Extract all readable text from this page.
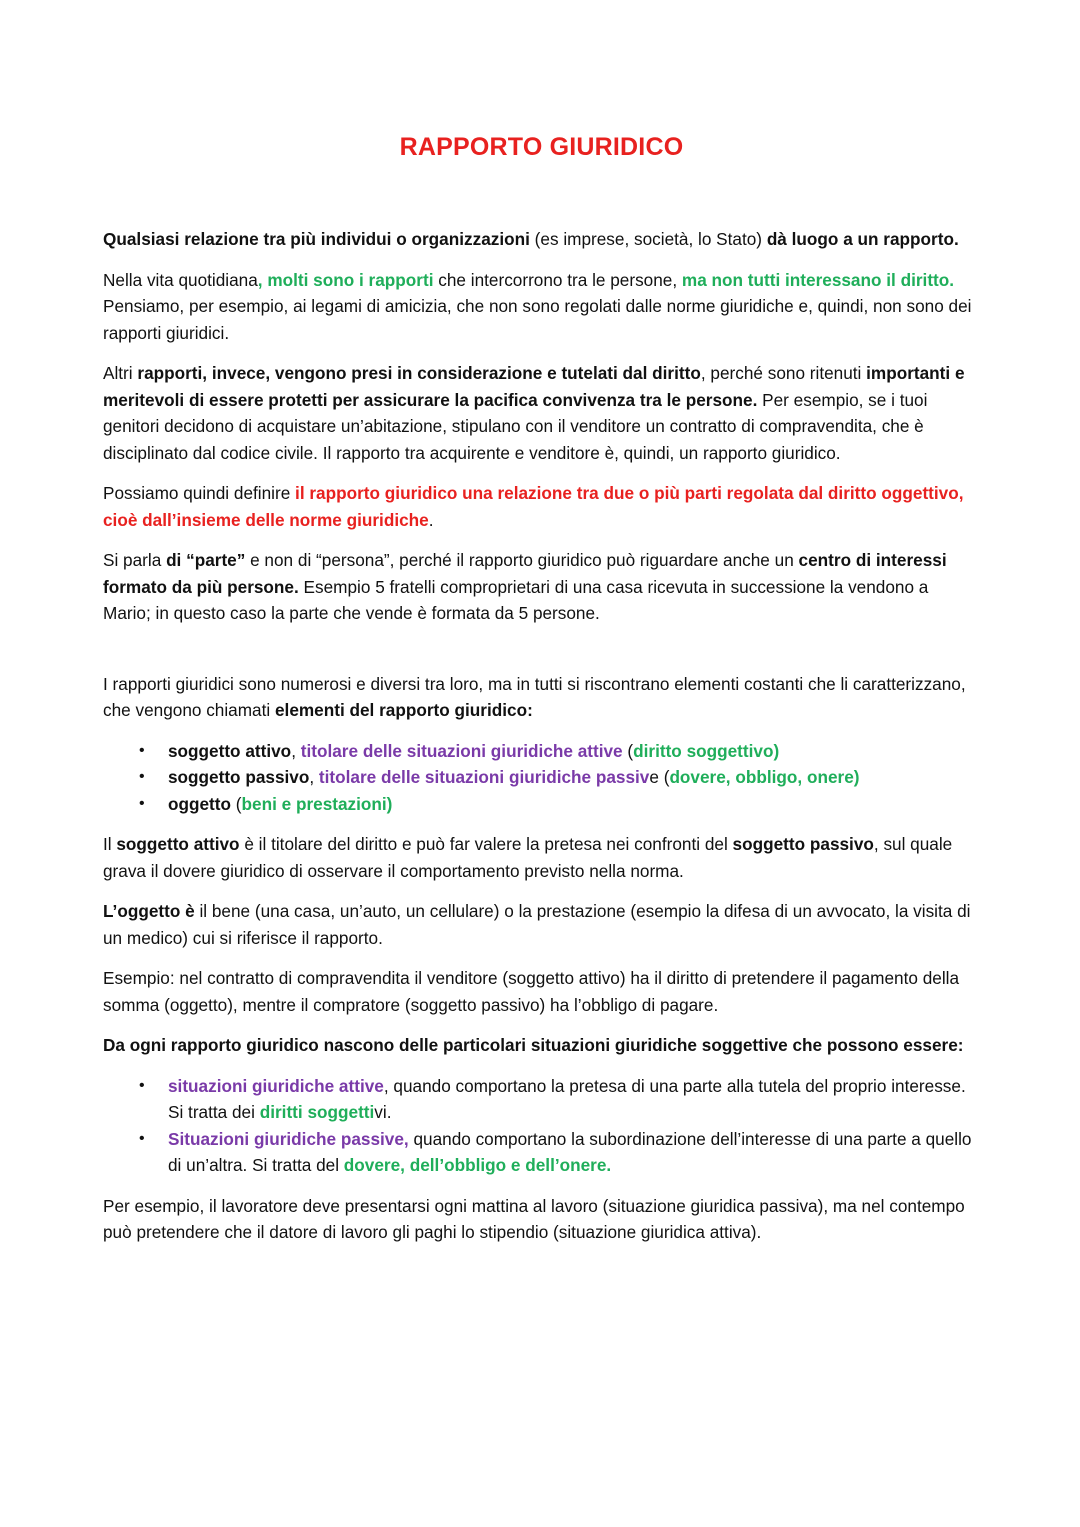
RAPPORTO GIURIDICO

Qualsiasi relazione tra più individui o organizzazioni (es imprese, società, lo Stato) dà luogo a un rapporto.

Nella vita quotidiana, molti sono i rapporti che intercorrono tra le persone, ma non tutti interessano il diritto. Pensiamo, per esempio, ai legami di amicizia, che non sono regolati dalle norme giuridiche e, quindi, non sono dei rapporti giuridici.

Altri rapporti, invece, vengono presi in considerazione e tutelati dal diritto, perché sono ritenuti importanti e meritevoli di essere protetti per assicurare la pacifica convivenza tra le persone. Per esempio, se i tuoi genitori decidono di acquistare un’abitazione, stipulano con il venditore un contratto di compravendita, che è disciplinato dal codice civile. Il rapporto tra acquirente e venditore è, quindi, un rapporto giuridico.

Possiamo quindi definire il rapporto giuridico una relazione tra due o più parti regolata dal diritto oggettivo, cioè dall’insieme delle norme giuridiche.

Si parla di “parte” e non di “persona”, perché il rapporto giuridico può riguardare anche un centro di interessi formato da più persone. Esempio 5 fratelli comproprietari di una casa ricevuta in successione la vendono a Mario; in questo caso la parte che vende è formata da 5 persone.

I rapporti giuridici sono numerosi e diversi tra loro, ma in tutti si riscontrano elementi costanti che li caratterizzano, che vengono chiamati elementi del rapporto giuridico:

• soggetto attivo, titolare delle situazioni giuridiche attive (diritto soggettivo)
• soggetto passivo, titolare delle situazioni giuridiche passive (dovere, obbligo, onere)
• oggetto (beni e prestazioni)

Il soggetto attivo è il titolare del diritto e può far valere la pretesa nei confronti del soggetto passivo, sul quale grava il dovere giuridico di osservare il comportamento previsto nella norma.

L’oggetto è il bene (una casa, un’auto, un cellulare) o la prestazione (esempio la difesa di un avvocato, la visita di un medico) cui si riferisce il rapporto.

Esempio: nel contratto di compravendita il venditore (soggetto attivo) ha il diritto di pretendere il pagamento della somma (oggetto), mentre il compratore (soggetto passivo) ha l’obbligo di pagare.

Da ogni rapporto giuridico nascono delle particolari situazioni giuridiche soggettive che possono essere:

• situazioni giuridiche attive, quando comportano la pretesa di una parte alla tutela del proprio interesse. Si tratta dei diritti soggettivi.
• Situazioni giuridiche passive, quando comportano la subordinazione dell’interesse di una parte a quello di un’altra. Si tratta del dovere, dell’obbligo e dell’onere.

Per esempio, il lavoratore deve presentarsi ogni mattina al lavoro (situazione giuridica passiva), ma nel contempo può pretendere che il datore di lavoro gli paghi lo stipendio (situazione giuridica attiva).
